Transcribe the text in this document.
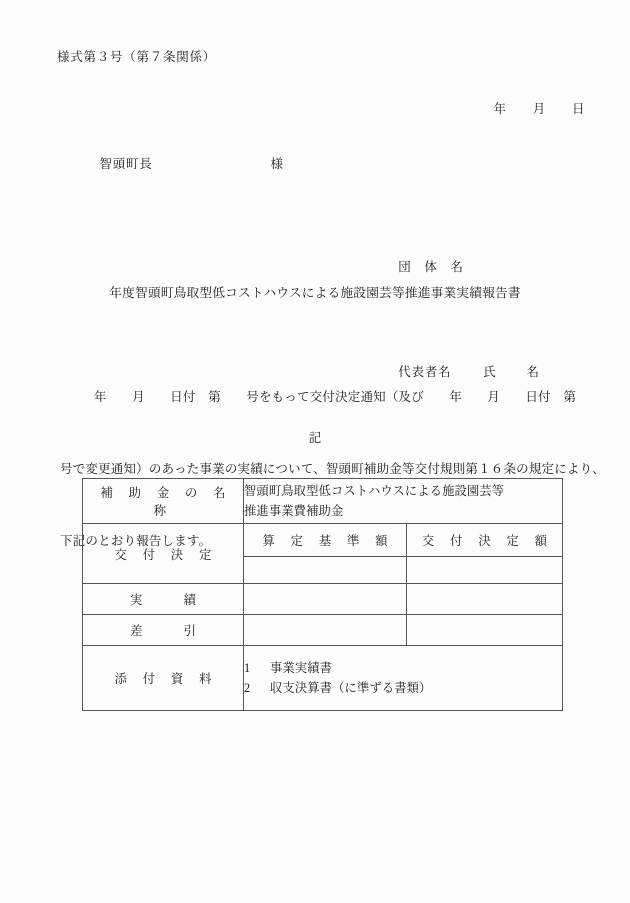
様式第３号（第７条関係）

年 月 日

智頭町長	様

団 体 名

代表者名	氏 名

年度智頭町鳥取型低コストハウスによる施設園芸等推進事業実績報告書

年　　月　　日付　第　　号をもって交付決定通知（及び　　年　　月　　日付　第

号で変更通知）のあった事業の実績について、智頭町補助金等交付規則第１６条の規定により、

下記のとおり報告します。

記
補 助 金 の 名 称	智頭町鳥取型低コストハウスによる施設園芸等
推進事業費補助金	

交 付 決 定	算 定 基 準 額	交 付 決 定 額

実 績		
差 引		
添 付 資 料	1 事業実績書
2 収支決算書（に準ずる書類）	
